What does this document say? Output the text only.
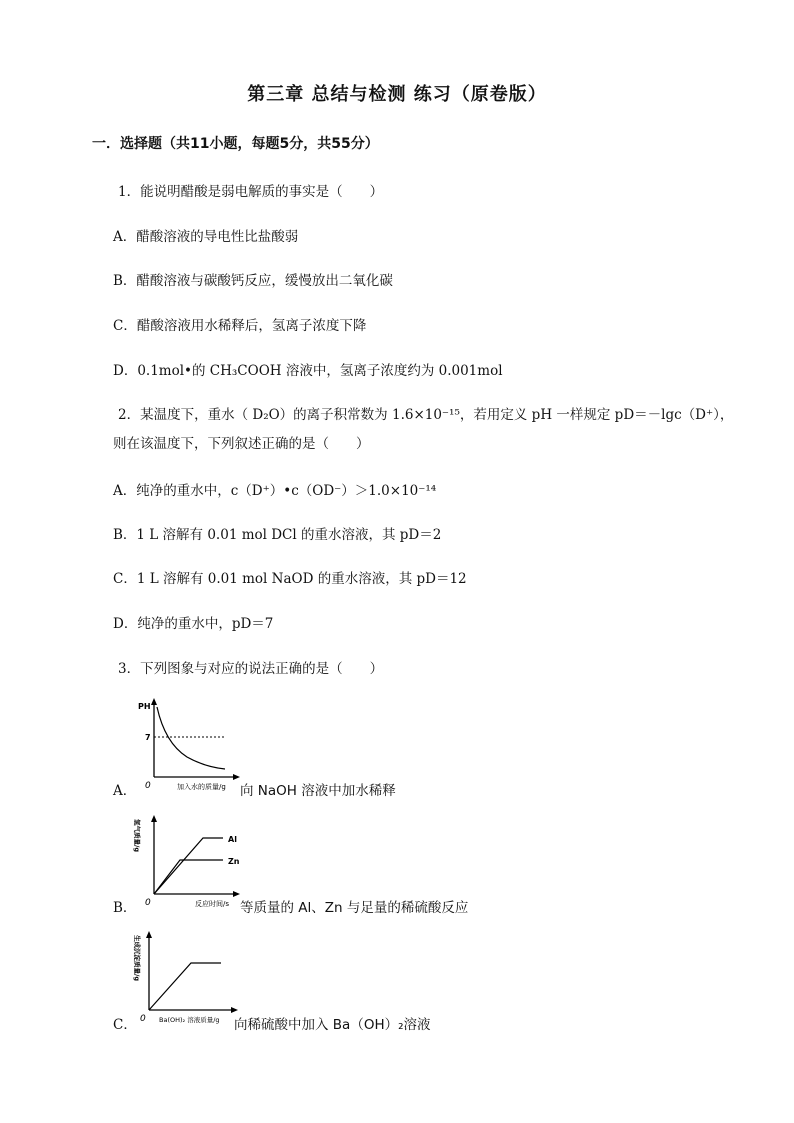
第三章 总结与检测 练习（原卷版）
一．选择题（共11小题，每题5分，共55分）
1．能说明醋酸是弱电解质的事实是（　　）
A．醋酸溶液的导电性比盐酸弱
B．醋酸溶液与碳酸钙反应，缓慢放出二氧化碳
C．醋酸溶液用水稀释后，氢离子浓度下降
D．0.1mol•的 CH₃COOH 溶液中，氢离子浓度约为 0.001mol
2．某温度下，重水（ D₂O）的离子积常数为 1.6×10⁻¹⁵，若用定义 pH 一样规定 pD＝－lgc（D⁺），
则在该温度下，下列叙述正确的是（　　）
A．纯净的重水中，c（D⁺）•c（OD⁻）＞1.0×10⁻¹⁴
B．1 L 溶解有 0.01 mol DCl 的重水溶液，其 pD＝2
C．1 L 溶解有 0.01 mol NaOD 的重水溶液，其 pD＝12
D．纯净的重水中，pD＝7
3．下列图象与对应的说法正确的是（　　）
PH
7
0	加入水的质量/g
A．	向 NaOH 溶液中加水稀释
氢气质量/g	Al
Zn
0	反应时间/s
B．	等质量的 Al、Zn 与足量的稀硫酸反应
生成沉淀质量/g
0 Ba(OH)₂ 溶液质量/g
C．	向稀硫酸中加入 Ba（OH）₂溶液
